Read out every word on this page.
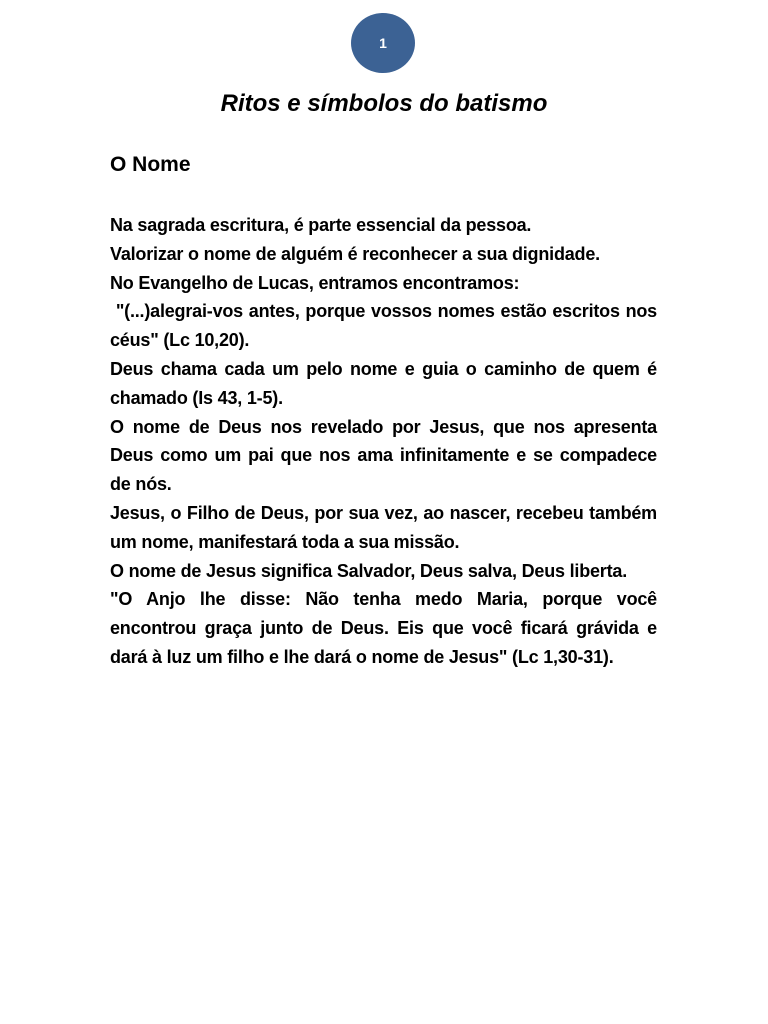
1
Ritos e símbolos do batismo
O Nome

Na sagrada escritura, é parte essencial da pessoa.

Valorizar o nome de alguém é reconhecer a sua dignidade.

No Evangelho de Lucas, entramos encontramos:

"(...)alegrai-vos antes, porque vossos nomes estão escritos nos céus" (Lc 10,20).

Deus chama cada um pelo nome e guia o caminho de quem é chamado (Is 43, 1-5).

O nome de Deus nos revelado por Jesus, que nos apresenta Deus como um pai que nos ama infinitamente e se compadece de nós.

Jesus, o Filho de Deus, por sua vez, ao nascer, recebeu também um nome, manifestará toda a sua missão.

O nome de Jesus significa Salvador, Deus salva, Deus liberta.

"O Anjo lhe disse: Não tenha medo Maria, porque você encontrou graça junto de Deus. Eis que você ficará grávida e dará à luz um filho e lhe dará o nome de Jesus" (Lc 1,30-31).
